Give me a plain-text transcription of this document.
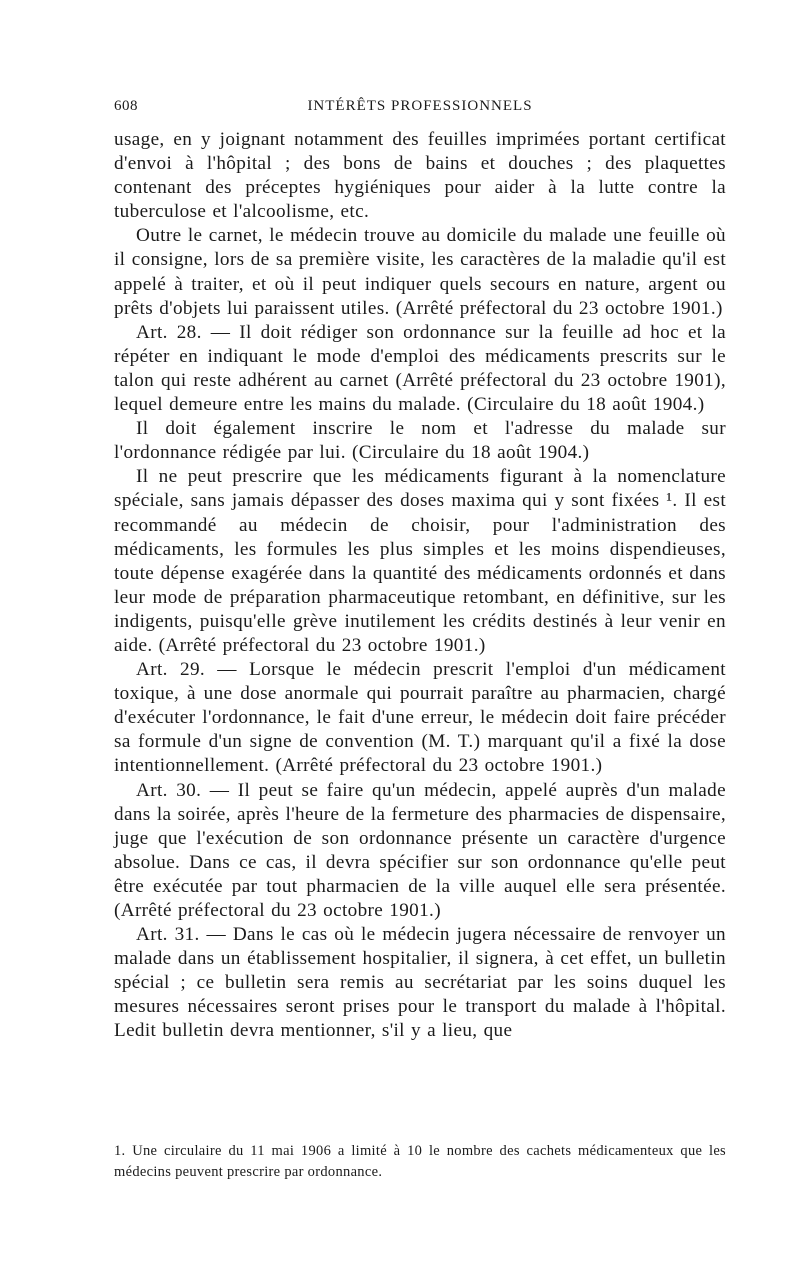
608	INTÉRÊTS PROFESSIONNELS

usage, en y joignant notamment des feuilles imprimées portant certificat d'envoi à l'hôpital ; des bons de bains et douches ; des plaquettes contenant des préceptes hygiéniques pour aider à la lutte contre la tuberculose et l'alcoolisme, etc.

Outre le carnet, le médecin trouve au domicile du malade une feuille où il consigne, lors de sa première visite, les caractères de la maladie qu'il est appelé à traiter, et où il peut indiquer quels secours en nature, argent ou prêts d'objets lui paraissent utiles. (Arrêté préfectoral du 23 octobre 1901.)

Art. 28. — Il doit rédiger son ordonnance sur la feuille ad hoc et la répéter en indiquant le mode d'emploi des médicaments prescrits sur le talon qui reste adhérent au carnet (Arrêté préfectoral du 23 octobre 1901), lequel demeure entre les mains du malade. (Circulaire du 18 août 1904.)

Il doit également inscrire le nom et l'adresse du malade sur l'ordonnance rédigée par lui. (Circulaire du 18 août 1904.)

Il ne peut prescrire que les médicaments figurant à la nomenclature spéciale, sans jamais dépasser des doses maxima qui y sont fixées ¹. Il est recommandé au médecin de choisir, pour l'administration des médicaments, les formules les plus simples et les moins dispendieuses, toute dépense exagérée dans la quantité des médicaments ordonnés et dans leur mode de préparation pharmaceutique retombant, en définitive, sur les indigents, puisqu'elle grève inutilement les crédits destinés à leur venir en aide. (Arrêté préfectoral du 23 octobre 1901.)

Art. 29. — Lorsque le médecin prescrit l'emploi d'un médicament toxique, à une dose anormale qui pourrait paraître au pharmacien, chargé d'exécuter l'ordonnance, le fait d'une erreur, le médecin doit faire précéder sa formule d'un signe de convention (M. T.) marquant qu'il a fixé la dose intentionnellement. (Arrêté préfectoral du 23 octobre 1901.)

Art. 30. — Il peut se faire qu'un médecin, appelé auprès d'un malade dans la soirée, après l'heure de la fermeture des pharmacies de dispensaire, juge que l'exécution de son ordonnance présente un caractère d'urgence absolue. Dans ce cas, il devra spécifier sur son ordonnance qu'elle peut être exécutée par tout pharmacien de la ville auquel elle sera présentée. (Arrêté préfectoral du 23 octobre 1901.)

Art. 31. — Dans le cas où le médecin jugera nécessaire de renvoyer un malade dans un établissement hospitalier, il signera, à cet effet, un bulletin spécial ; ce bulletin sera remis au secrétariat par les soins duquel les mesures nécessaires seront prises pour le transport du malade à l'hôpital. Ledit bulletin devra mentionner, s'il y a lieu, que

1. Une circulaire du 11 mai 1906 a limité à 10 le nombre des cachets médicamenteux que les médecins peuvent prescrire par ordonnance.
